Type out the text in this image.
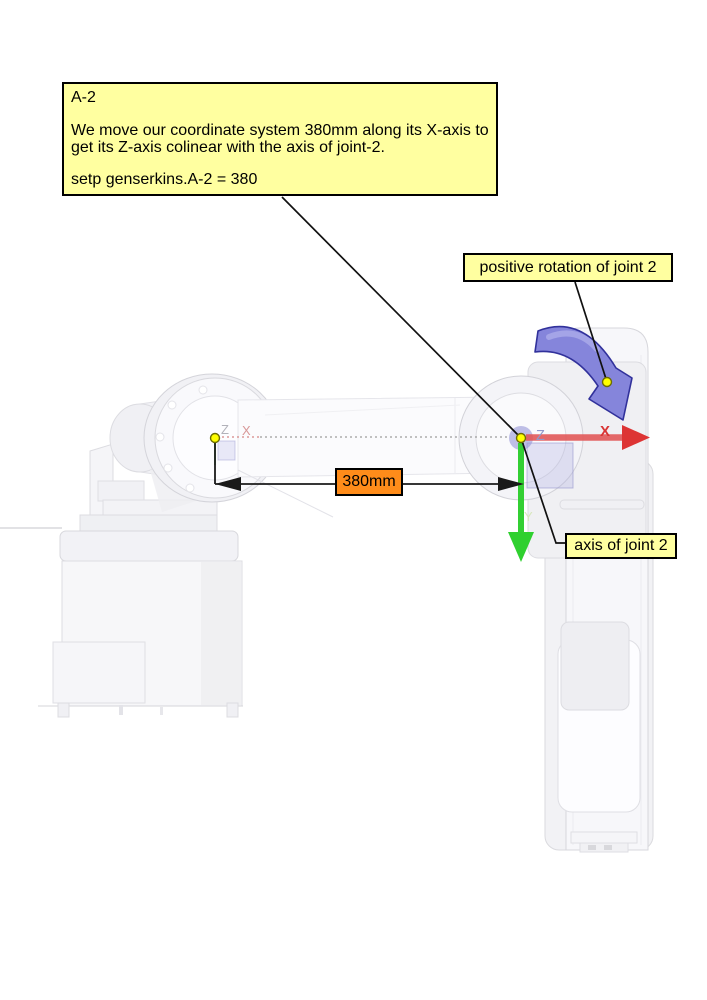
Z X	Z	X
Y
A-2
We move our coordinate system 380mm along its X-axis to get its Z-axis colinear with the axis of joint-2.
setp genserkins.A-2 = 380
positive rotation of joint 2
axis of joint 2
380mm
